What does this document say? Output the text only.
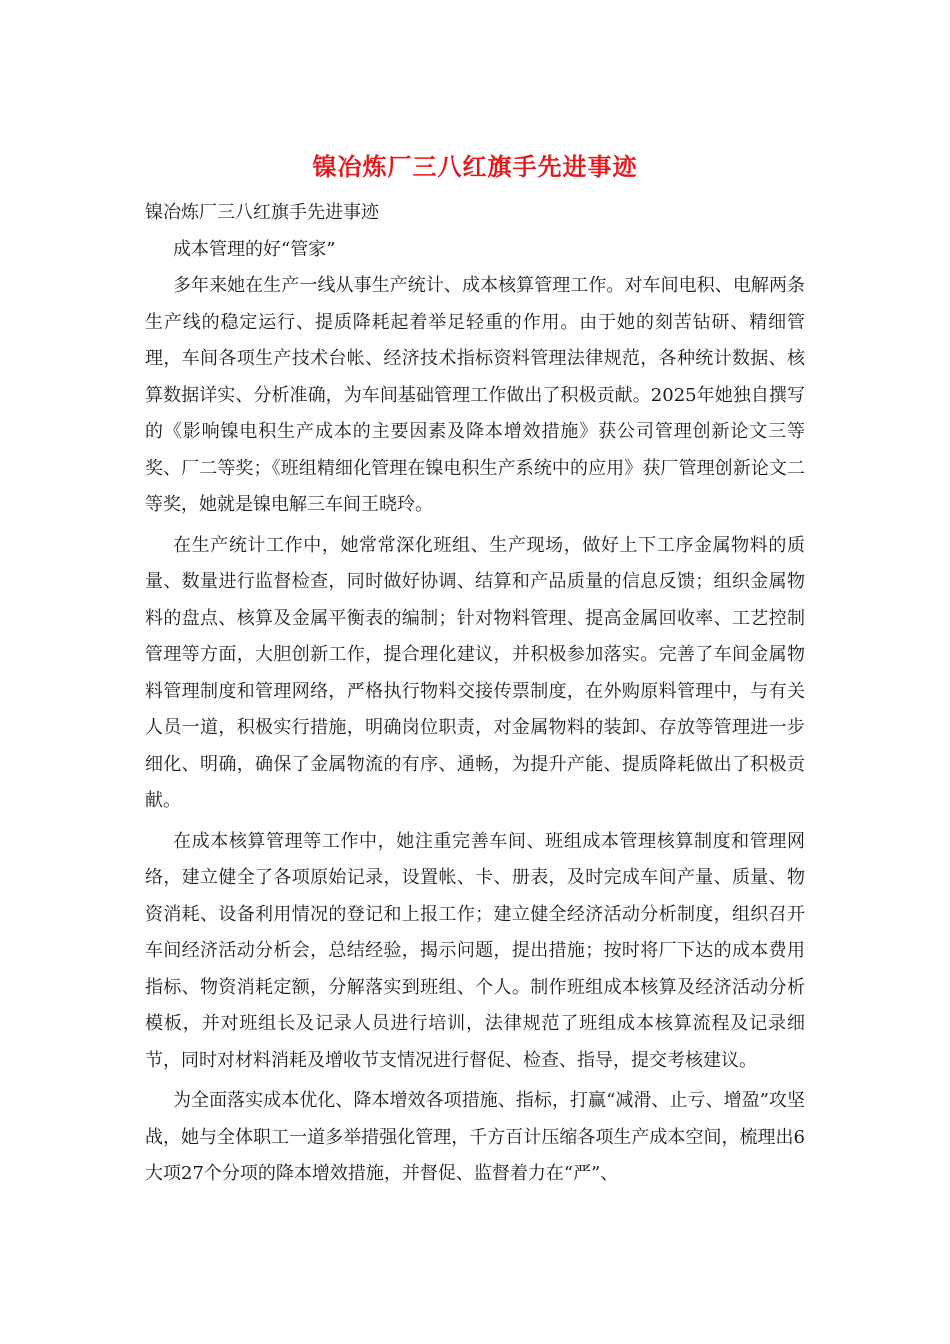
镍冶炼厂三八红旗手先进事迹

镍冶炼厂三八红旗手先进事迹

成本管理的好“管家”

多年来她在生产一线从事生产统计、成本核算管理工作。对车间电积、电解两条生产线的稳定运行、提质降耗起着举足轻重的作用。由于她的刻苦钻研、精细管理，车间各项生产技术台帐、经济技术指标资料管理法律规范，各种统计数据、核算数据详实、分析准确，为车间基础管理工作做出了积极贡献。2025年她独自撰写的《影响镍电积生产成本的主要因素及降本增效措施》获公司管理创新论文三等奖、厂二等奖；《班组精细化管理在镍电积生产系统中的应用》获厂管理创新论文二等奖，她就是镍电解三车间王晓玲。

在生产统计工作中，她常常深化班组、生产现场，做好上下工序金属物料的质量、数量进行监督检查，同时做好协调、结算和产品质量的信息反馈；组织金属物料的盘点、核算及金属平衡表的编制；针对物料管理、提高金属回收率、工艺控制管理等方面，大胆创新工作，提合理化建议，并积极参加落实。完善了车间金属物料管理制度和管理网络，严格执行物料交接传票制度，在外购原料管理中，与有关人员一道，积极实行措施，明确岗位职责，对金属物料的装卸、存放等管理进一步细化、明确，确保了金属物流的有序、通畅，为提升产能、提质降耗做出了积极贡献。

在成本核算管理等工作中，她注重完善车间、班组成本管理核算制度和管理网络，建立健全了各项原始记录，设置帐、卡、册表，及时完成车间产量、质量、物资消耗、设备利用情况的登记和上报工作；建立健全经济活动分析制度，组织召开车间经济活动分析会，总结经验，揭示问题，提出措施；按时将厂下达的成本费用指标、物资消耗定额，分解落实到班组、个人。制作班组成本核算及经济活动分析模板，并对班组长及记录人员进行培训，法律规范了班组成本核算流程及记录细节，同时对材料消耗及增收节支情况进行督促、检查、指导，提交考核建议。

为全面落实成本优化、降本增效各项措施、指标，打赢“减滑、止亏、增盈”攻坚战，她与全体职工一道多举措强化管理，千方百计压缩各项生产成本空间，梳理出6大项27个分项的降本增效措施，并督促、监督着力在“严”、
